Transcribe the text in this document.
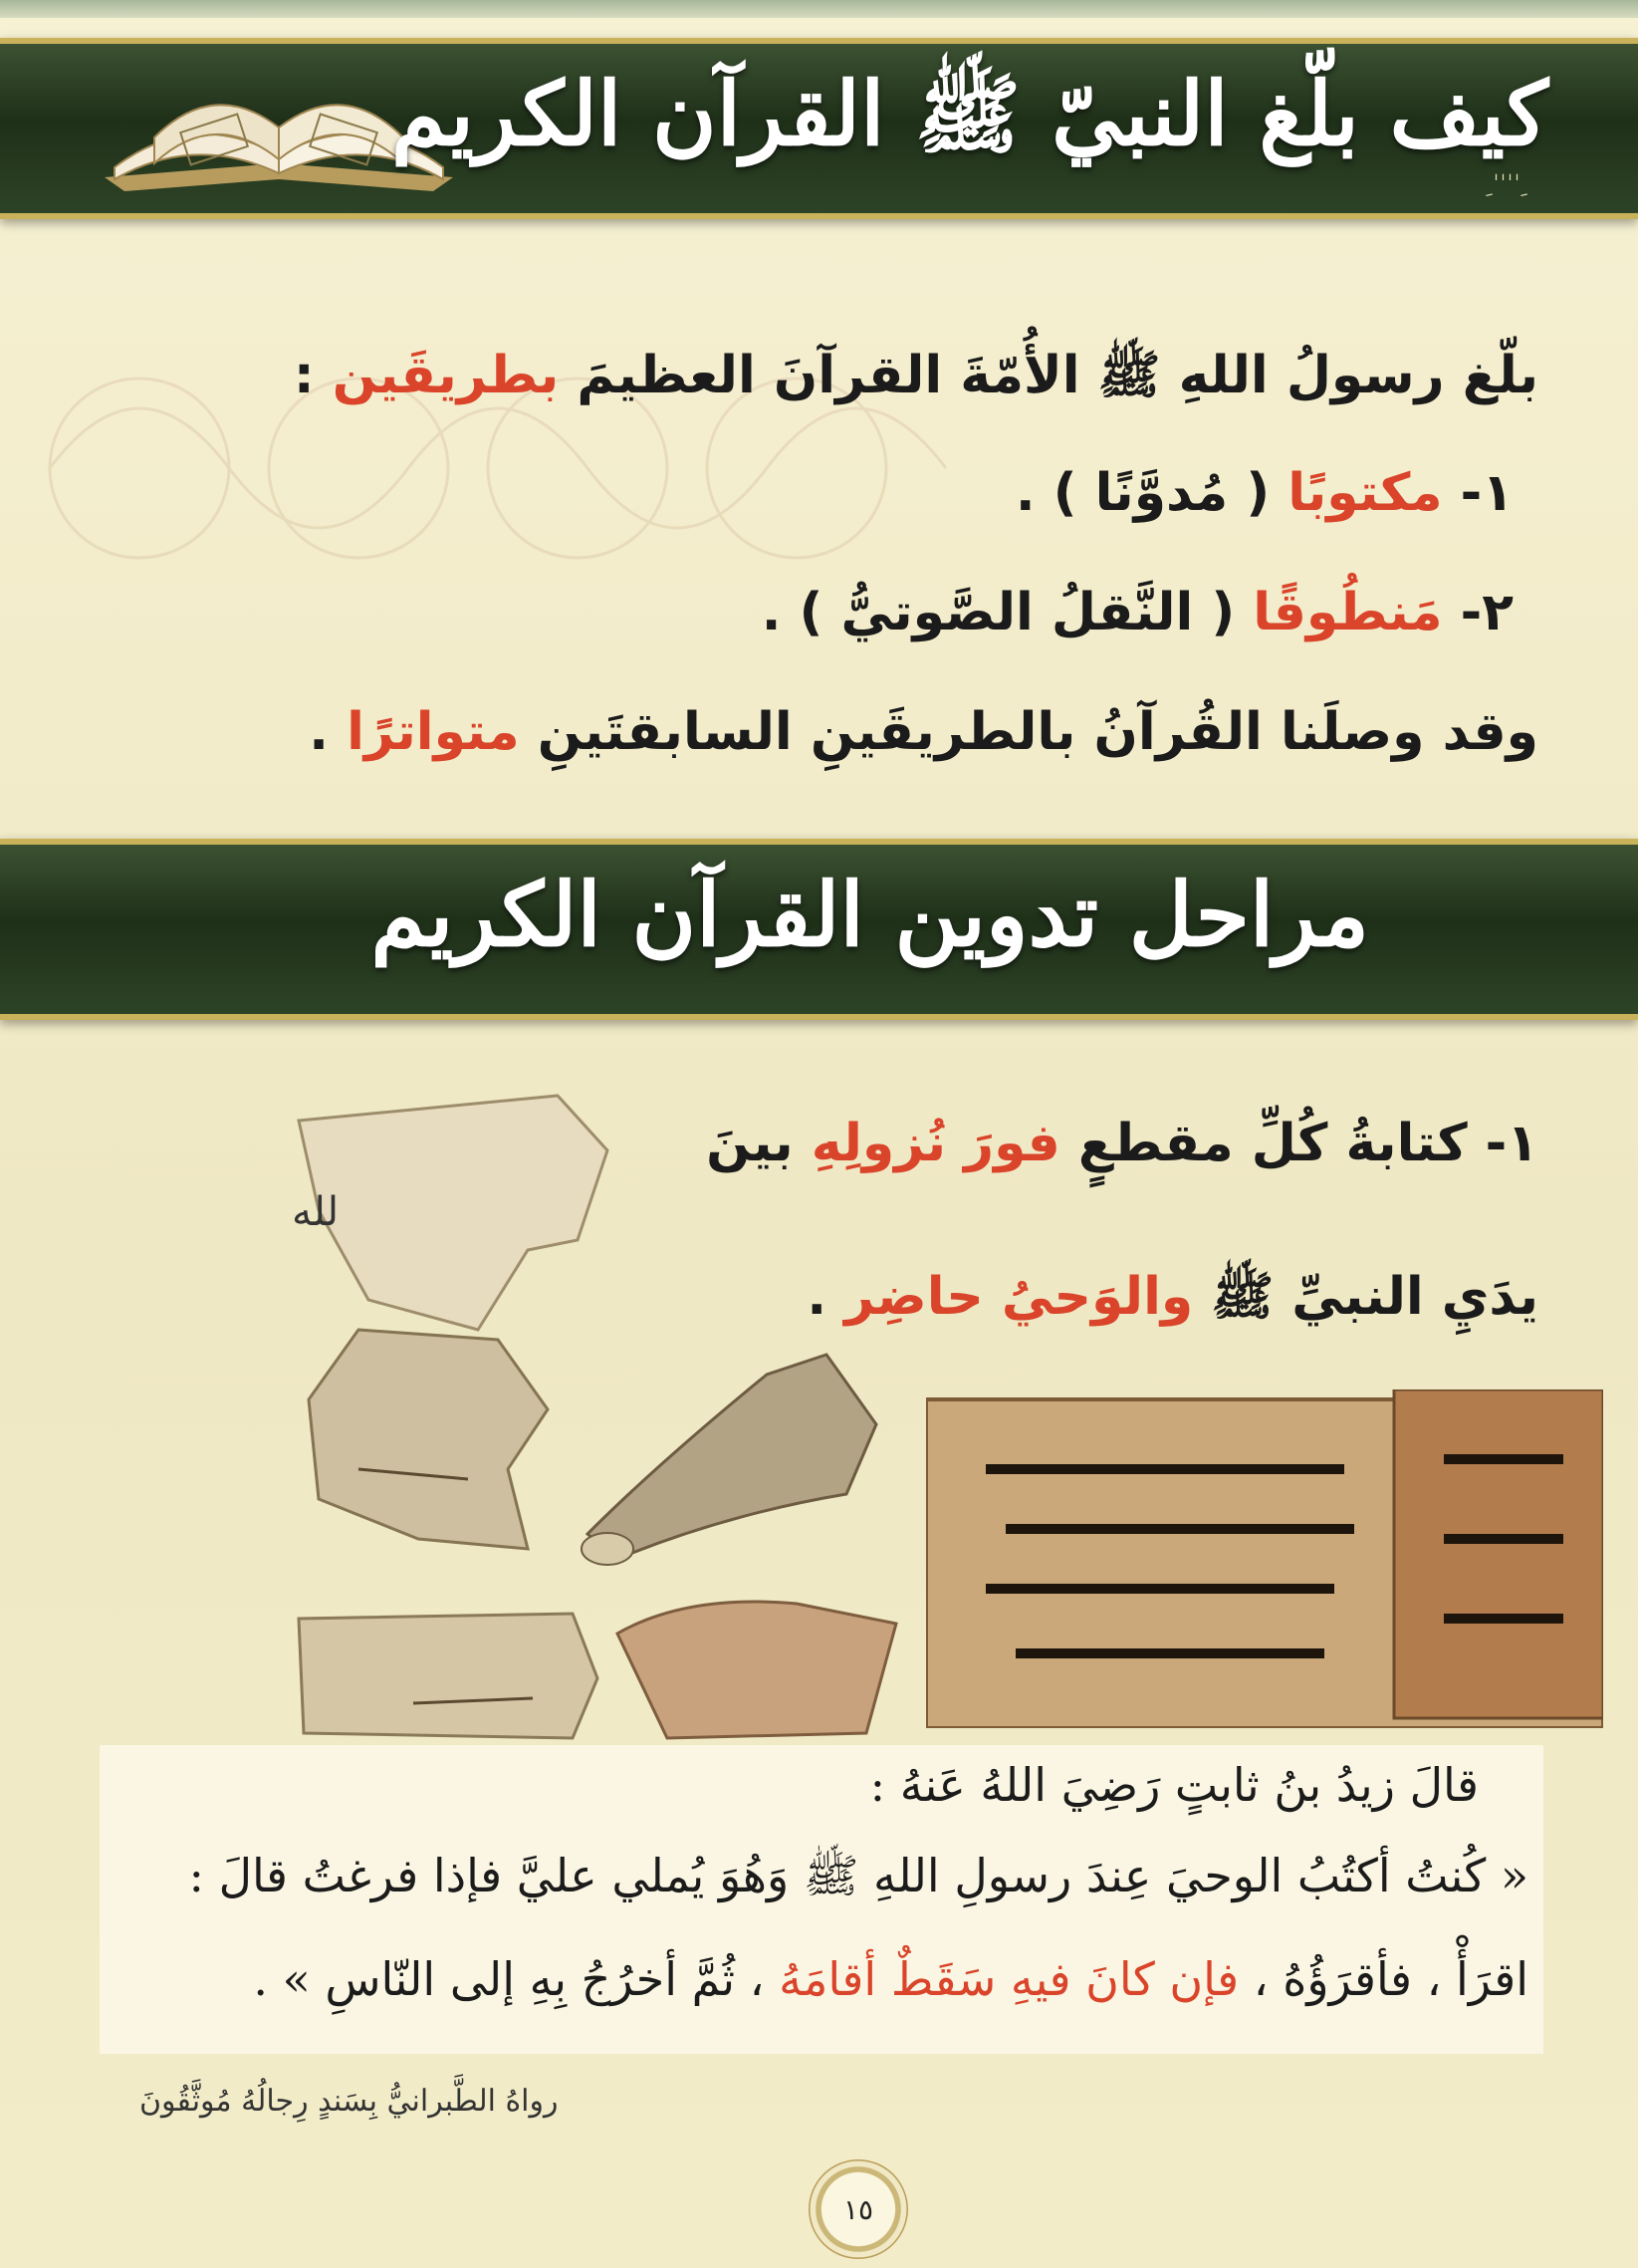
كيف بلّغ النبيّ ﷺ القرآن الكريم
ِ ٰ ٰ ٰ ٰ ِ
بلّغ رسولُ اللهِ ﷺ الأُمّةَ القرآنَ العظيمَ بطريقَين :
١- مكتوبًا ( مُدوَّنًا ) .
٢- مَنطُوقًا ( النَّقلُ الصَّوتيُّ ) .
وقد وصلَنا القُرآنُ بالطريقَينِ السابقتَينِ متواترًا .
مراحل تدوين القرآن الكريم
١- كتابةُ كُلِّ مقطعٍ فورَ نُزولِهِ بينَ
يدَيِ النبيِّ ﷺ والوَحيُ حاضِر .
لله
قالَ زيدُ بنُ ثابتٍ رَضِيَ اللهُ عَنهُ :
« كُنتُ أكتُبُ الوحيَ عِندَ رسولِ اللهِ ﷺ وَهُوَ يُملي عليَّ فإذا فرغتُ قالَ :
اقرَأْ ، فأقرَؤُهُ ، فإن كانَ فيهِ سَقَطٌ أقامَهُ ، ثُمَّ أخرُجُ بِهِ إلى النّاسِ » .
رواهُ الطَّبرانيُّ بِسَندٍ رِجالُهُ مُوثَّقُونَ
١٥
